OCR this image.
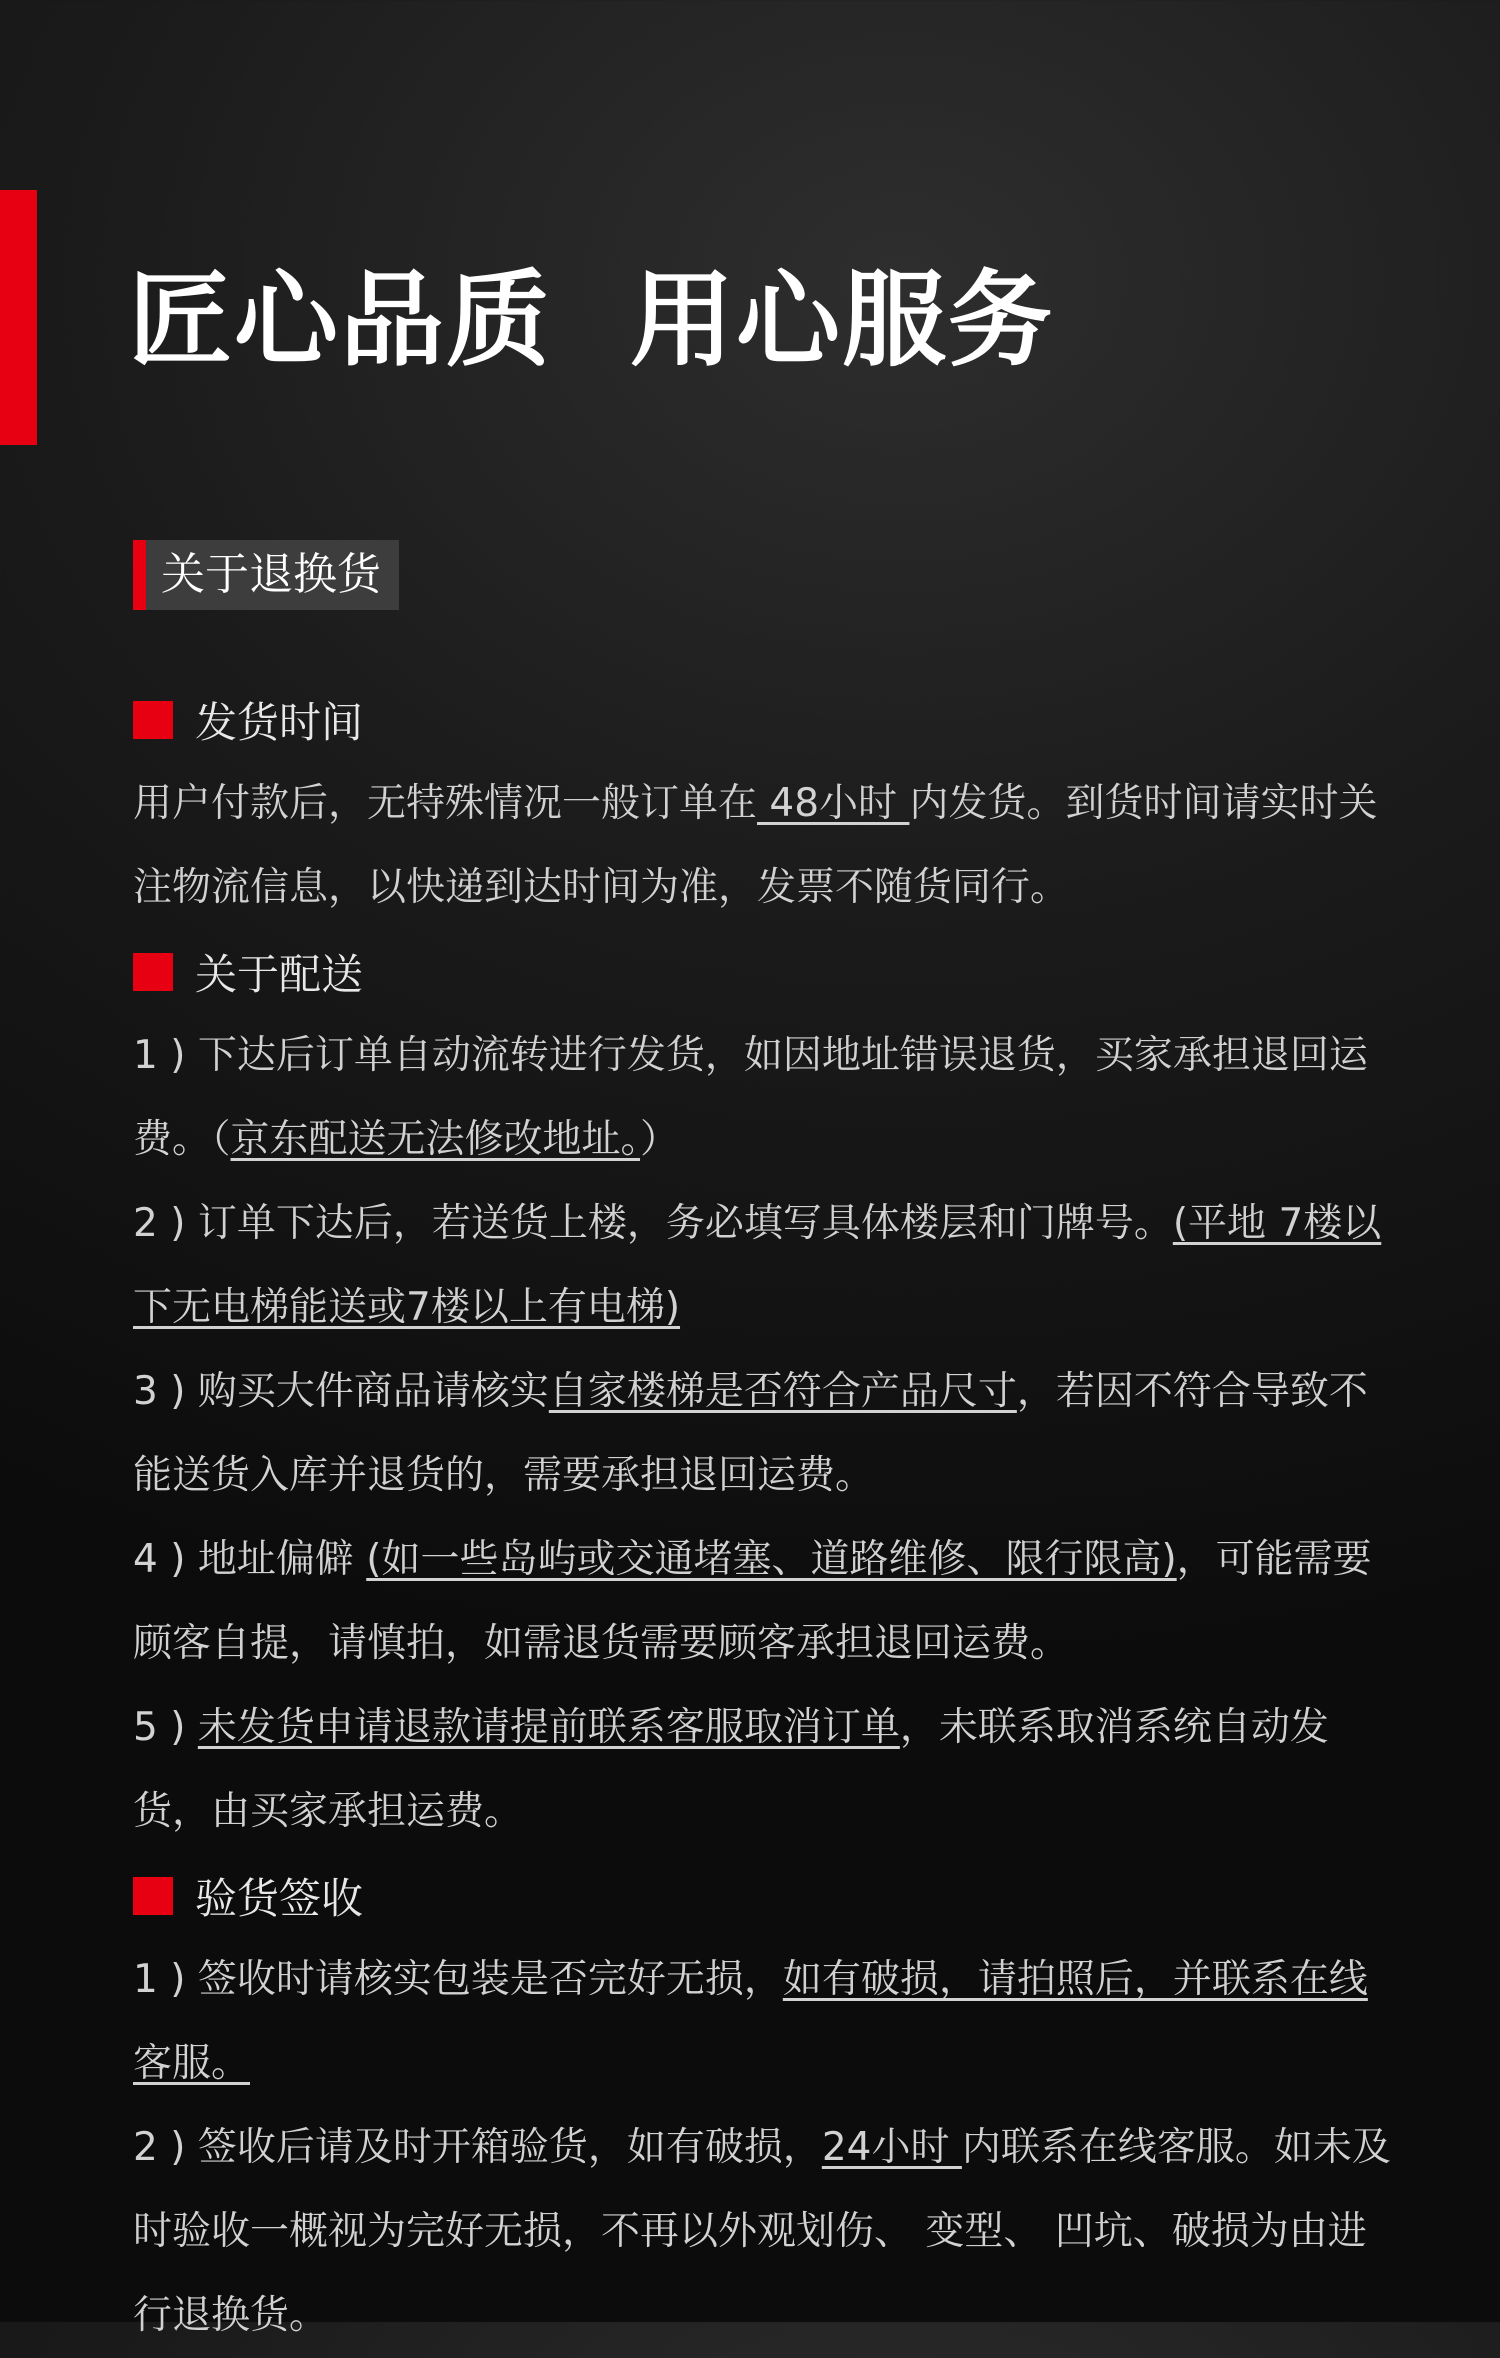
匠心品质 用心服务
关于退换货
发货时间

用户付款后，无特殊情况一般订单在 48小时 内发货。到货时间请实时关注物流信息，以快递到达时间为准，发票不随货同行。

关于配送

1 ) 下达后订单自动流转进行发货，如因地址错误退货，买家承担退回运费。（京东配送无法修改地址。）

2 ) 订单下达后，若送货上楼，务必填写具体楼层和门牌号。(平地 7楼以下无电梯能送或7楼以上有电梯)

3 ) 购买大件商品请核实自家楼梯是否符合产品尺寸，若因不符合导致不能送货入库并退货的，需要承担退回运费。

4 ) 地址偏僻 (如一些岛屿或交通堵塞、道路维修、限行限高)，可能需要顾客自提，请慎拍，如需退货需要顾客承担退回运费。

5 ) 未发货申请退款请提前联系客服取消订单，未联系取消系统自动发货，由买家承担运费。

验货签收

1 ) 签收时请核实包装是否完好无损，如有破损，请拍照后，并联系在线客服。

2 ) 签收后请及时开箱验货，如有破损，24小时 内联系在线客服。如未及时验收一概视为完好无损，不再以外观划伤、 变型、 凹坑、破损为由进行退换货。
